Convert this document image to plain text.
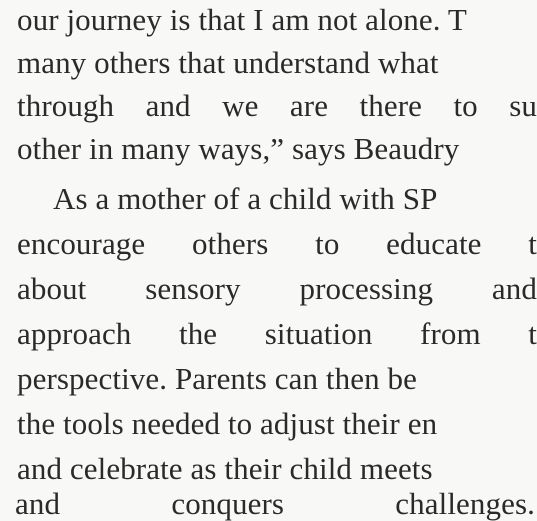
our journey is that I am not alone. T
many others that understand what
through and we are there to su
other in many ways,” says Beaudry
As a mother of a child with SP
encourage others to educate t
about sensory processing and
approach the situation from t
perspective. Parents can then be
the tools needed to adjust their en
and celebrate as their child meets
and conquers challenges.
